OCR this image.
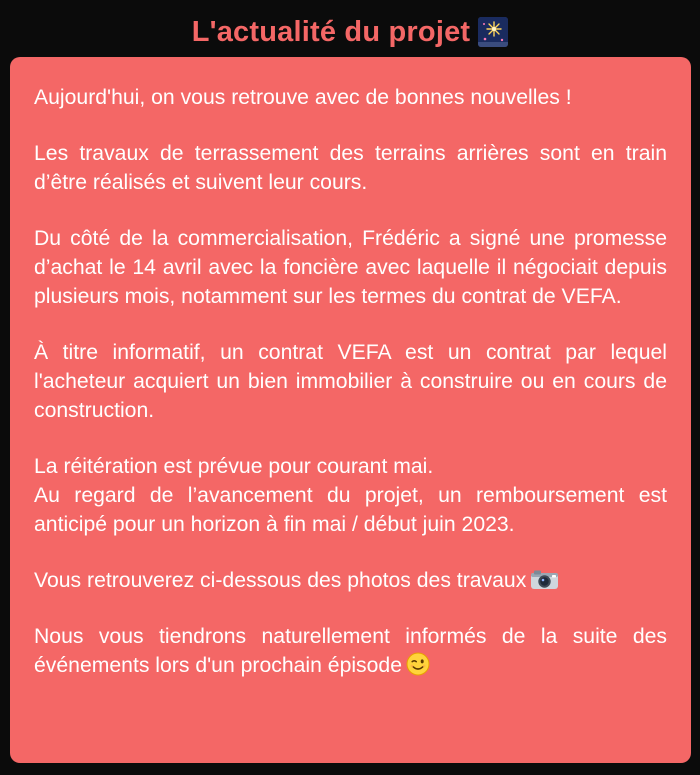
L'actualité du projet

Aujourd'hui, on vous retrouve avec de bonnes nouvelles !

Les travaux de terrassement des terrains arrières sont en train d’être réalisés et suivent leur cours.

Du côté de la commercialisation, Frédéric a signé une promesse d’achat le 14 avril avec la foncière avec laquelle il négociait depuis plusieurs mois, notamment sur les termes du contrat de VEFA.

À titre informatif, un contrat VEFA est un contrat par lequel l'acheteur acquiert un bien immobilier à construire ou en cours de construction.

La réitération est prévue pour courant mai.
Au regard de l’avancement du projet, un remboursement est anticipé pour un horizon à fin mai / début juin 2023.

Vous retrouverez ci-dessous des photos des travaux

Nous vous tiendrons naturellement informés de la suite des événements lors d'un prochain épisode
